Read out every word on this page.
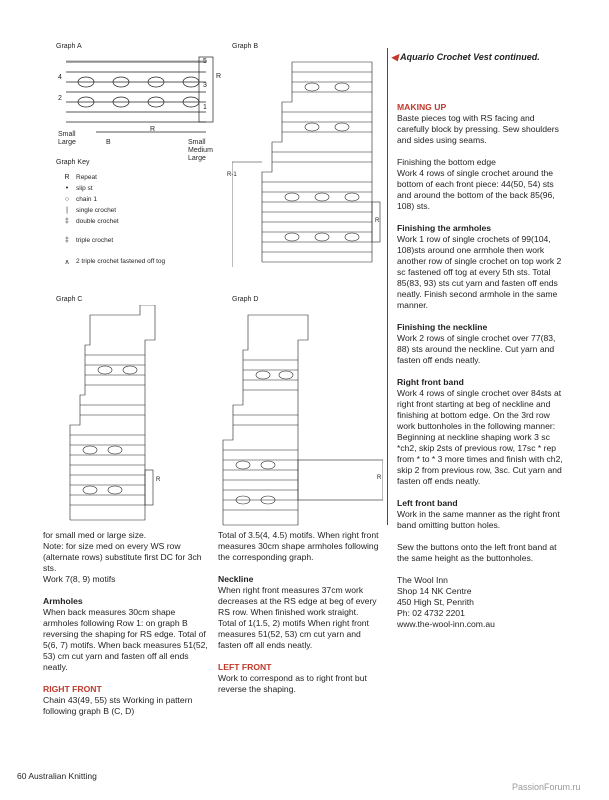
Graph A
4
2
5
3
1
R
R
Small
Large	B	Small
Medium
Large
Graph Key
R Repeat
•	slip st
○	chain 1
|	single crochet
‡	double crochet
‡	triple crochet
∧ 2 triple crochet fastened off tog
Graph B
R-1
R
Graph C
R
Graph D
R
◀ Aquario Crochet Vest continued.

MAKING UP

Baste pieces tog with RS facing and carefully block by pressing. Sew shoulders and sides using seams.

Finishing the bottom edge

Work 4 rows of single crochet around the bottom of each front piece: 44(50, 54) sts and around the bottom of the back 85(96, 108) sts.

Finishing the armholes

Work 1 row of single crochets of 99(104, 108)sts around one armhole then work another row of single crochet on top work 2 sc fastened off tog at every 5th sts. Total 85(83, 93) sts cut yarn and fasten off ends neatly. Finish second armhole in the same manner.

Finishing the neckline

Work 2 rows of single crochet over 77(83, 88) sts around the neckline. Cut yarn and fasten off ends neatly.

Right front band

Work 4 rows of single crochet over 84sts at right front starting at beg of neckline and finishing at bottom edge. On the 3rd row work buttonholes in the following manner: Beginning at neckline shaping work 3 sc *ch2, skip 2sts of previous row, 17sc * rep from * to * 3 more times and finish with ch2, skip 2 from previous row, 3sc. Cut yarn and fasten off ends neatly.

Left front band

Work in the same manner as the right front band omitting button holes.

Sew the buttons onto the left front band at the same height as the buttonholes.

The Wool Inn

Shop 14 NK Centre

450 High St, Penrith

Ph: 02 4732 2201

www.the-wool-inn.com.au

for small med or large size.

Note: for size med on every WS row (alternate rows) substitute first DC for 3ch sts.

Work 7(8, 9) motifs

Armholes

When back measures 30cm shape armholes following Row 1: on graph B reversing the shaping for RS edge. Total of 5(6, 7) motifs. When back measures 51(52, 53) cm cut yarn and fasten off all ends neatly.

RIGHT FRONT

Chain 43(49, 55) sts Working in pattern following graph B (C, D)

Total of 3.5(4, 4.5) motifs. When right front measures 30cm shape armholes following the corresponding graph.

Neckline

When right front measures 37cm work decreases at the RS edge at beg of every RS row. When finished work straight.

Total of 1(1.5, 2) motifs When right front measures 51(52, 53) cm cut yarn and fasten off all ends neatly.

LEFT FRONT

Work to correspond as to right front but reverse the shaping.

60 Australian Knitting
PassionForum.ru
